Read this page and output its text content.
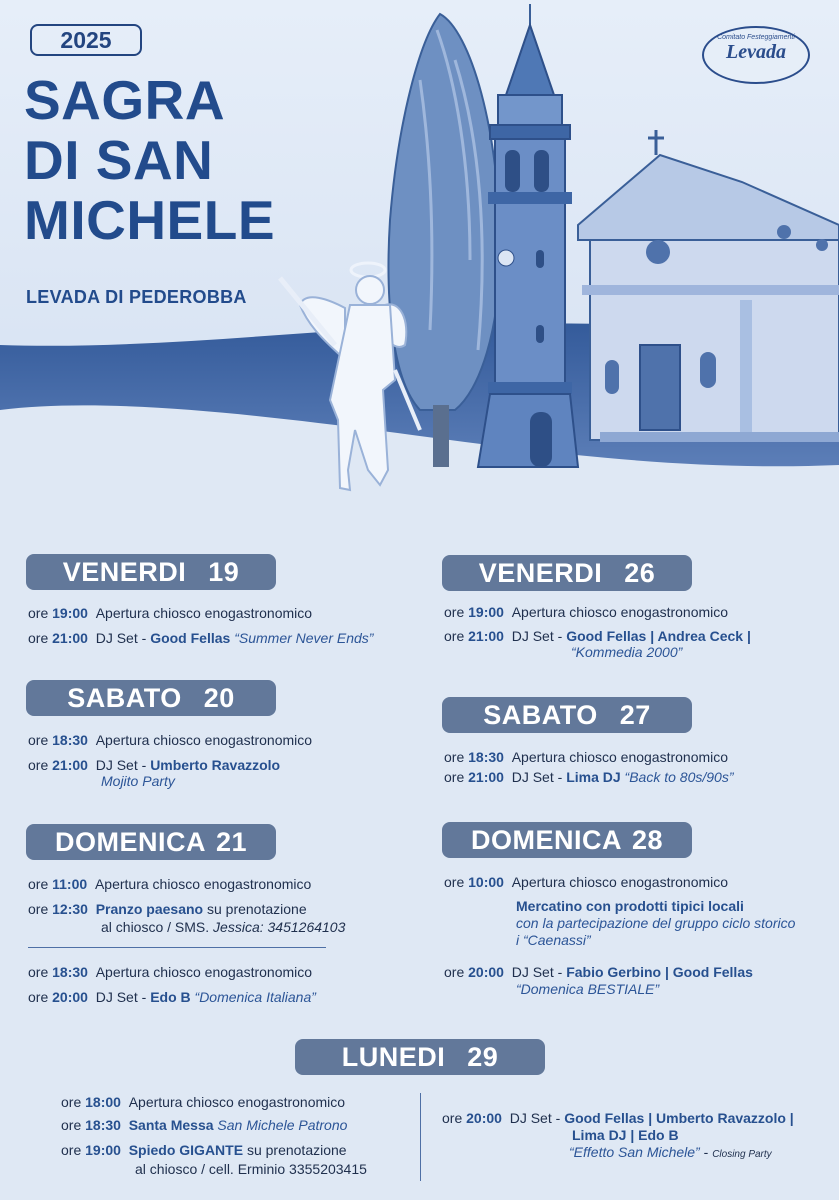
2025
SAGRA
DI SAN
MICHELE
LEVADA DI PEDEROBBA
Comitato Festeggiamenti
Levada
VENERDI 19
ore 19:00 Apertura chiosco enogastronomico
ore 21:00 DJ Set - Good Fellas “Summer Never Ends”
SABATO 20
ore 18:30 Apertura chiosco enogastronomico
ore 21:00 DJ Set - Umberto Ravazzolo
Mojito Party
DOMENICA 21
ore 11:00 Apertura chiosco enogastronomico
ore 12:30 Pranzo paesano su prenotazione
al chiosco / SMS. Jessica: 3451264103
ore 18:30 Apertura chiosco enogastronomico
ore 20:00 DJ Set - Edo B “Domenica Italiana”
VENERDI 26
ore 19:00 Apertura chiosco enogastronomico
ore 21:00 DJ Set - Good Fellas | Andrea Ceck |
“Kommedia 2000”
SABATO 27
ore 18:30 Apertura chiosco enogastronomico
ore 21:00 DJ Set - Lima DJ “Back to 80s/90s”
DOMENICA 28
ore 10:00 Apertura chiosco enogastronomico
Mercatino con prodotti tipici locali
con la partecipazione del gruppo ciclo storico
i “Caenassi”
ore 20:00 DJ Set - Fabio Gerbino | Good Fellas
“Domenica BESTIALE”
LUNEDI 29
ore 18:00 Apertura chiosco enogastronomico
ore 18:30 Santa Messa San Michele Patrono
ore 19:00 Spiedo GIGANTE su prenotazione
al chiosco / cell. Erminio 3355203415
ore 20:00 DJ Set - Good Fellas | Umberto Ravazzolo |
Lima DJ | Edo B
“Effetto San Michele” - Closing Party
